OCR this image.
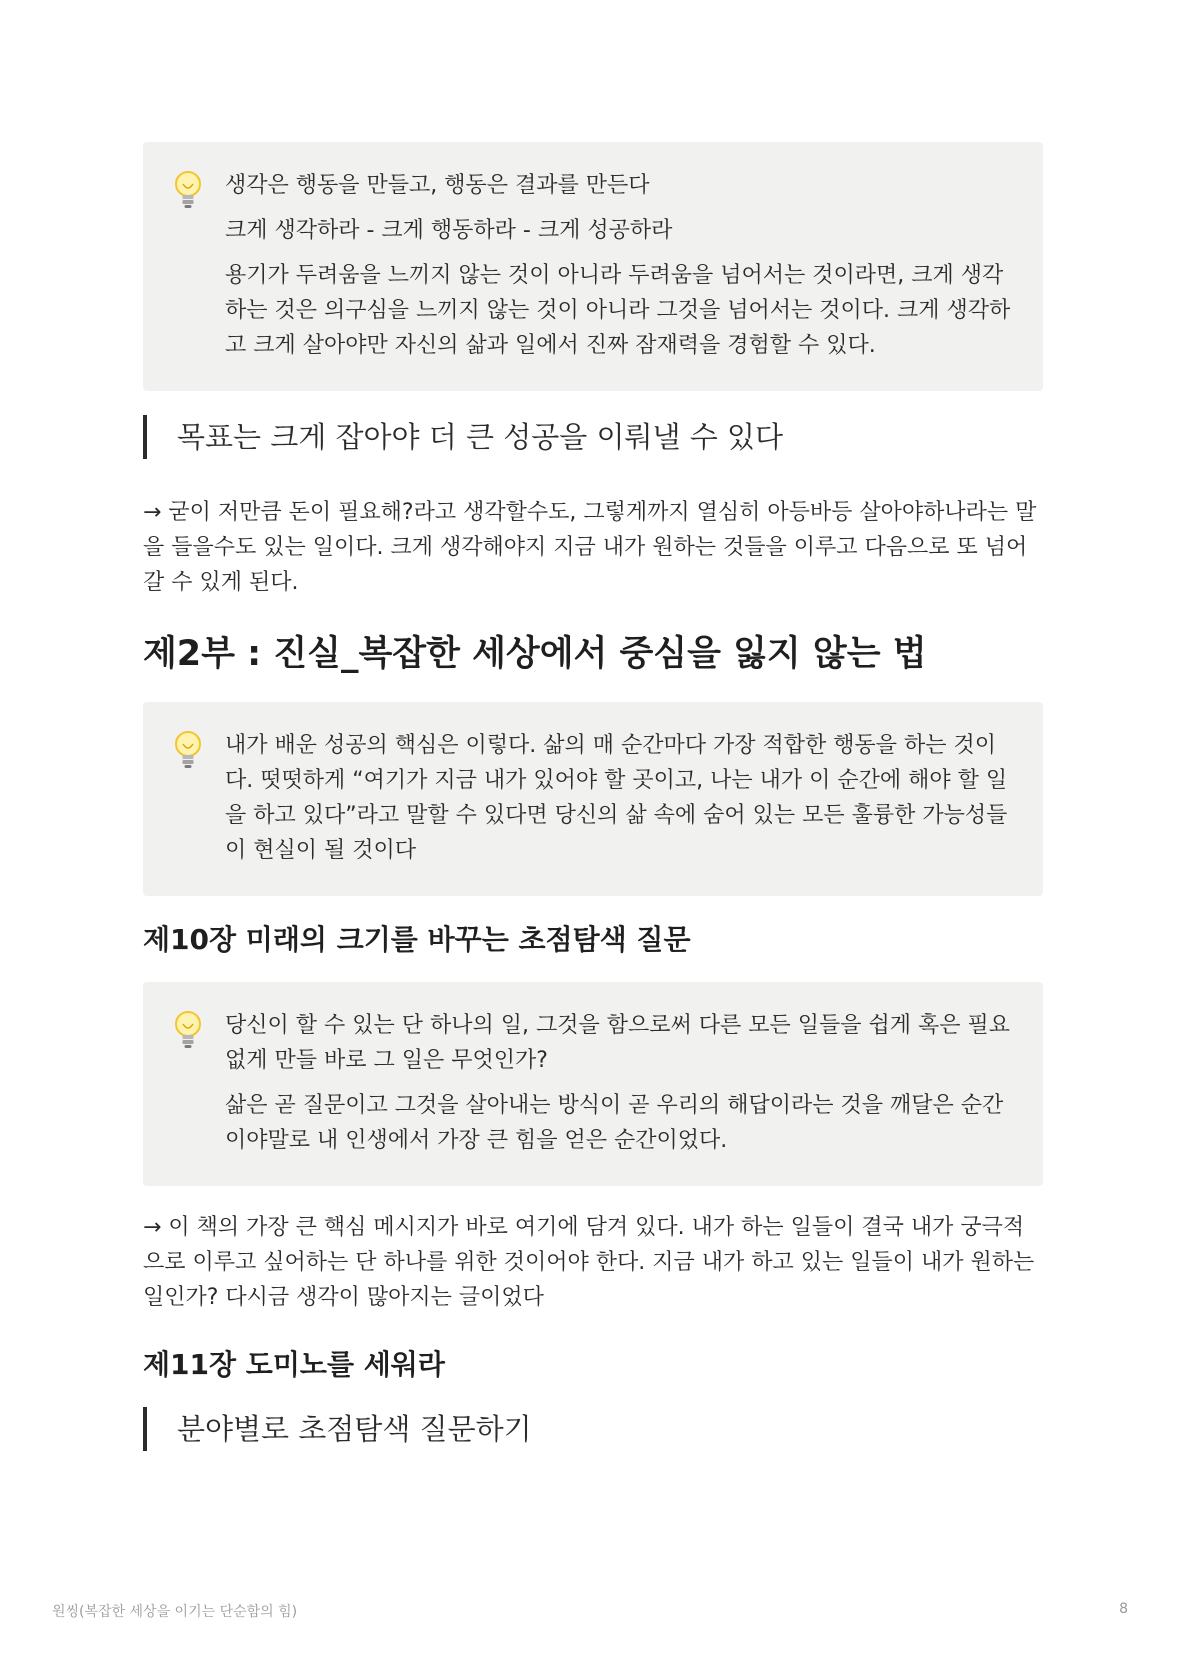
생각은 행동을 만들고, 행동은 결과를 만든다

크게 생각하라 - 크게 행동하라 - 크게 성공하라

용기가 두려움을 느끼지 않는 것이 아니라 두려움을 넘어서는 것이라면, 크게 생각하는 것은 의구심을 느끼지 않는 것이 아니라 그것을 넘어서는 것이다. 크게 생각하고 크게 살아야만 자신의 삶과 일에서 진짜 잠재력을 경험할 수 있다.

목표는 크게 잡아야 더 큰 성공을 이뤄낼 수 있다

→ 굳이 저만큼 돈이 필요해?라고 생각할수도, 그렇게까지 열심히 아등바등 살아야하나라는 말을 들을수도 있는 일이다. 크게 생각해야지 지금 내가 원하는 것들을 이루고 다음으로 또 넘어갈 수 있게 된다.

제2부 : 진실_복잡한 세상에서 중심을 잃지 않는 법

내가 배운 성공의 핵심은 이렇다. 삶의 매 순간마다 가장 적합한 행동을 하는 것이다. 떳떳하게 “여기가 지금 내가 있어야 할 곳이고, 나는 내가 이 순간에 해야 할 일을 하고 있다”라고 말할 수 있다면 당신의 삶 속에 숨어 있는 모든 훌륭한 가능성들이 현실이 될 것이다

제10장 미래의 크기를 바꾸는 초점탐색 질문

당신이 할 수 있는 단 하나의 일, 그것을 함으로써 다른 모든 일들을 쉽게 혹은 필요 없게 만들 바로 그 일은 무엇인가?

삶은 곧 질문이고 그것을 살아내는 방식이 곧 우리의 해답이라는 것을 깨달은 순간이야말로 내 인생에서 가장 큰 힘을 얻은 순간이었다.

→ 이 책의 가장 큰 핵심 메시지가 바로 여기에 담겨 있다. 내가 하는 일들이 결국 내가 궁극적으로 이루고 싶어하는 단 하나를 위한 것이어야 한다. 지금 내가 하고 있는 일들이 내가 원하는 일인가? 다시금 생각이 많아지는 글이었다

제11장 도미노를 세워라
분야별로 초점탐색 질문하기
원씽(복잡한 세상을 이기는 단순함의 힘)	8
